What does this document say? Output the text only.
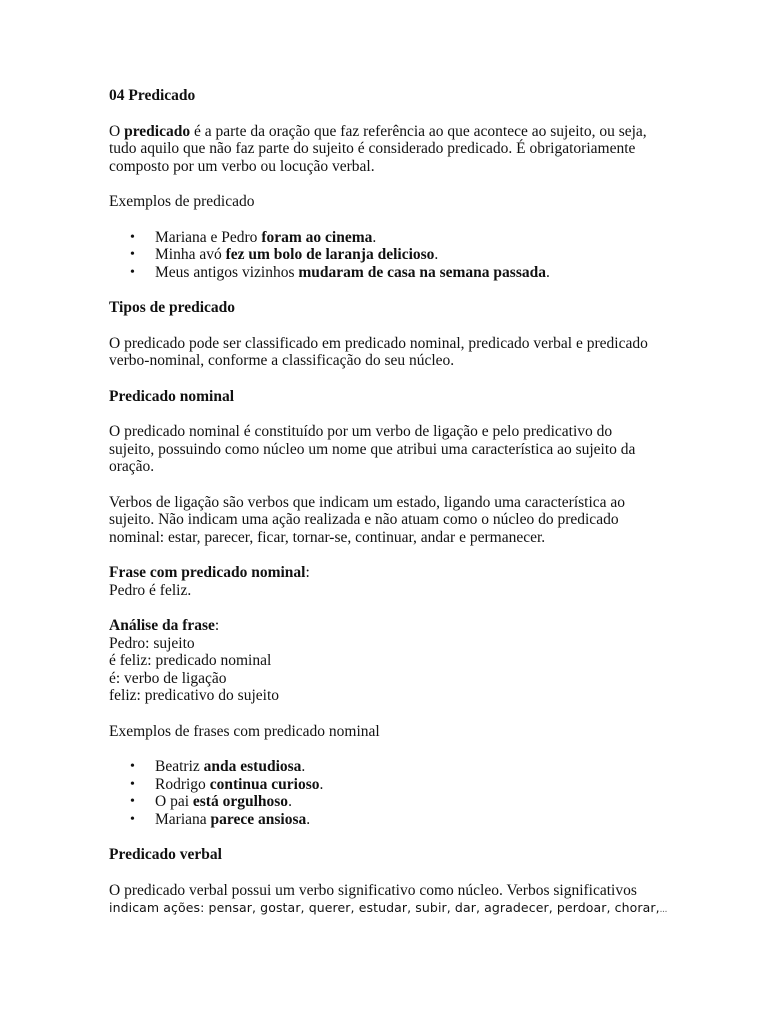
04 Predicado

O predicado é a parte da oração que faz referência ao que acontece ao sujeito, ou seja,
tudo aquilo que não faz parte do sujeito é considerado predicado. É obrigatoriamente
composto por um verbo ou locução verbal.

Exemplos de predicado

• Mariana e Pedro foram ao cinema.
• Minha avó fez um bolo de laranja delicioso.
• Meus antigos vizinhos mudaram de casa na semana passada.

Tipos de predicado

O predicado pode ser classificado em predicado nominal, predicado verbal e predicado
verbo-nominal, conforme a classificação do seu núcleo.

Predicado nominal

O predicado nominal é constituído por um verbo de ligação e pelo predicativo do
sujeito, possuindo como núcleo um nome que atribui uma característica ao sujeito da
oração.

Verbos de ligação são verbos que indicam um estado, ligando uma característica ao
sujeito. Não indicam uma ação realizada e não atuam como o núcleo do predicado
nominal: estar, parecer, ficar, tornar-se, continuar, andar e permanecer.

Frase com predicado nominal:
Pedro é feliz.

Análise da frase:
Pedro: sujeito
é feliz: predicado nominal
é: verbo de ligação
feliz: predicativo do sujeito

Exemplos de frases com predicado nominal

• Beatriz anda estudiosa.
• Rodrigo continua curioso.
• O pai está orgulhoso.
• Mariana parece ansiosa.

Predicado verbal

O predicado verbal possui um verbo significativo como núcleo. Verbos significativos
indicam ações: pensar, gostar, querer, estudar, subir, dar, agradecer, perdoar, chorar,...
